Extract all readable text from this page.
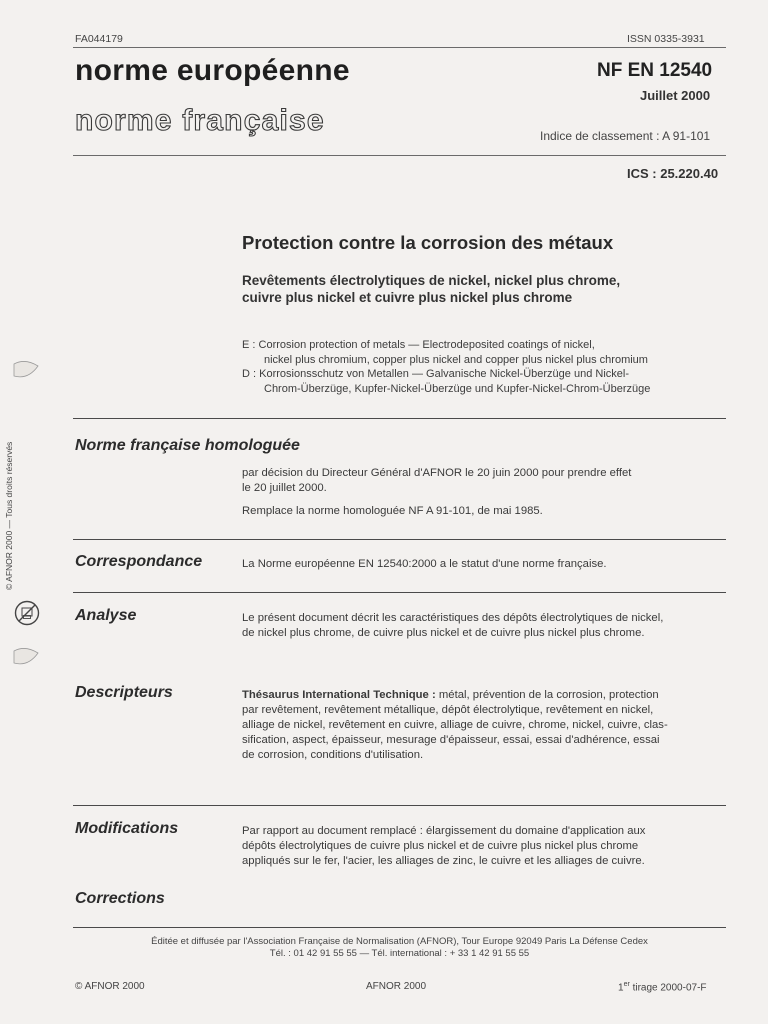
FA044179	ISSN 0335-3931
norme européenne
norme française
NF EN 12540
Juillet 2000
Indice de classement : A 91-101
ICS : 25.220.40
Protection contre la corrosion des métaux
Revêtements électrolytiques de nickel, nickel plus chrome,
cuivre plus nickel et cuivre plus nickel plus chrome
E : Corrosion protection of metals — Electrodeposited coatings of nickel,
nickel plus chromium, copper plus nickel and copper plus nickel plus chromium
D : Korrosionsschutz von Metallen — Galvanische Nickel-Überzüge und Nickel-
Chrom-Überzüge, Kupfer-Nickel-Überzüge und Kupfer-Nickel-Chrom-Überzüge
Norme française homologuée
par décision du Directeur Général d'AFNOR le 20 juin 2000 pour prendre effet
le 20 juillet 2000.
Remplace la norme homologuée NF A 91-101, de mai 1985.
Correspondance	La Norme européenne EN 12540:2000 a le statut d'une norme française.
Analyse	Le présent document décrit les caractéristiques des dépôts électrolytiques de nickel,
de nickel plus chrome, de cuivre plus nickel et de cuivre plus nickel plus chrome.
Descripteurs	Thésaurus International Technique : métal, prévention de la corrosion, protection
par revêtement, revêtement métallique, dépôt électrolytique, revêtement en nickel,
alliage de nickel, revêtement en cuivre, alliage de cuivre, chrome, nickel, cuivre, clas-
sification, aspect, épaisseur, mesurage d'épaisseur, essai, essai d'adhérence, essai
de corrosion, conditions d'utilisation.
Modifications	Par rapport au document remplacé : élargissement du domaine d'application aux
dépôts électrolytiques de cuivre plus nickel et de cuivre plus nickel plus chrome
appliqués sur le fer, l'acier, les alliages de zinc, le cuivre et les alliages de cuivre.
Corrections
Éditée et diffusée par l'Association Française de Normalisation (AFNOR), Tour Europe 92049 Paris La Défense Cedex
Tél. : 01 42 91 55 55 — Tél. international : + 33 1 42 91 55 55
© AFNOR 2000	AFNOR 2000	1er tirage 2000-07-F
© AFNOR 2000 — Tous droits réservés
